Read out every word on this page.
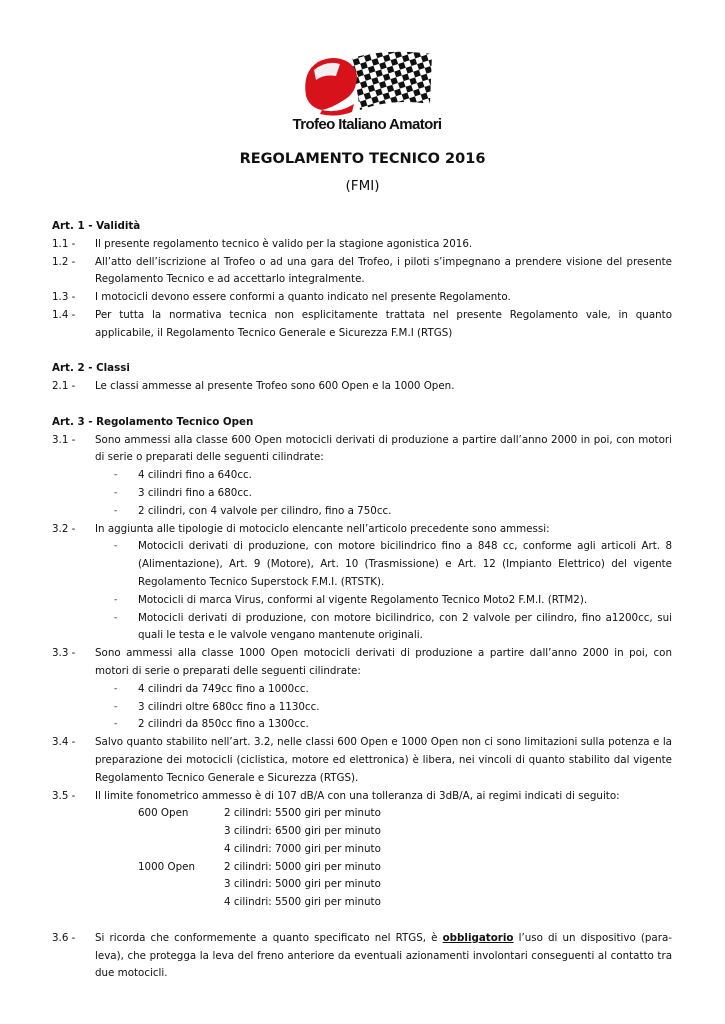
Trofeo Italiano Amatori
REGOLAMENTO TECNICO 2016
(FMI)

Art. 1 - Validità

1.1 -	Il presente regolamento tecnico è valido per la stagione agonistica 2016.
1.2 -	All’atto dell’iscrizione al Trofeo o ad una gara del Trofeo, i piloti s’impegnano a prendere visione del presente Regolamento Tecnico e ad accettarlo integralmente.
1.3 -	I motocicli devono essere conformi a quanto indicato nel presente Regolamento.
1.4 -	Per tutta la normativa tecnica non esplicitamente trattata nel presente Regolamento vale, in quanto applicabile, il Regolamento Tecnico Generale e Sicurezza F.M.I (RTGS)

Art. 2 - Classi

2.1 -	Le classi ammesse al presente Trofeo sono 600 Open e la 1000 Open.

Art. 3 - Regolamento Tecnico Open

3.1 -	Sono ammessi alla classe 600 Open motocicli derivati di produzione a partire dall’anno 2000 in poi, con motori di serie o preparati delle seguenti cilindrate:
-	4 cilindri fino a 640cc.
-	3 cilindri fino a 680cc.
-	2 cilindri, con 4 valvole per cilindro, fino a 750cc.
3.2 -	In aggiunta alle tipologie di motociclo elencante nell’articolo precedente sono ammessi:
-	Motocicli derivati di produzione, con motore bicilindrico fino a 848 cc, conforme agli articoli Art. 8 (Alimentazione), Art. 9 (Motore), Art. 10 (Trasmissione) e Art. 12 (Impianto Elettrico) del vigente Regolamento Tecnico Superstock F.M.I. (RTSTK).
-	Motocicli di marca Virus, conformi al vigente Regolamento Tecnico Moto2 F.M.I. (RTM2).
-	Motocicli derivati di produzione, con motore bicilindrico, con 2 valvole per cilindro, fino a1200cc, sui quali le testa e le valvole vengano mantenute originali.
3.3 -	Sono ammessi alla classe 1000 Open motocicli derivati di produzione a partire dall’anno 2000 in poi, con motori di serie o preparati delle seguenti cilindrate:
-	4 cilindri da 749cc fino a 1000cc.
-	3 cilindri oltre 680cc fino a 1130cc.
-	2 cilindri da 850cc fino a 1300cc.
3.4 -	Salvo quanto stabilito nell’art. 3.2, nelle classi 600 Open e 1000 Open non ci sono limitazioni sulla potenza e la preparazione dei motocicli (ciclistica, motore ed elettronica) è libera, nei vincoli di quanto stabilito dal vigente Regolamento Tecnico Generale e Sicurezza (RTGS).
3.5 -	Il limite fonometrico ammesso è di 107 dB/A con una tolleranza di 3dB/A, ai regimi indicati di seguito:
600 Open	2 cilindri: 5500 giri per minuto
3 cilindri: 6500 giri per minuto
4 cilindri: 7000 giri per minuto
1000 Open	2 cilindri: 5000 giri per minuto
3 cilindri: 5000 giri per minuto
4 cilindri: 5500 giri per minuto
3.6 -	Si ricorda che conformemente a quanto specificato nel RTGS, è obbligatorio l’uso di un dispositivo (para-leva), che protegga la leva del freno anteriore da eventuali azionamenti involontari conseguenti al contatto tra due motocicli.
